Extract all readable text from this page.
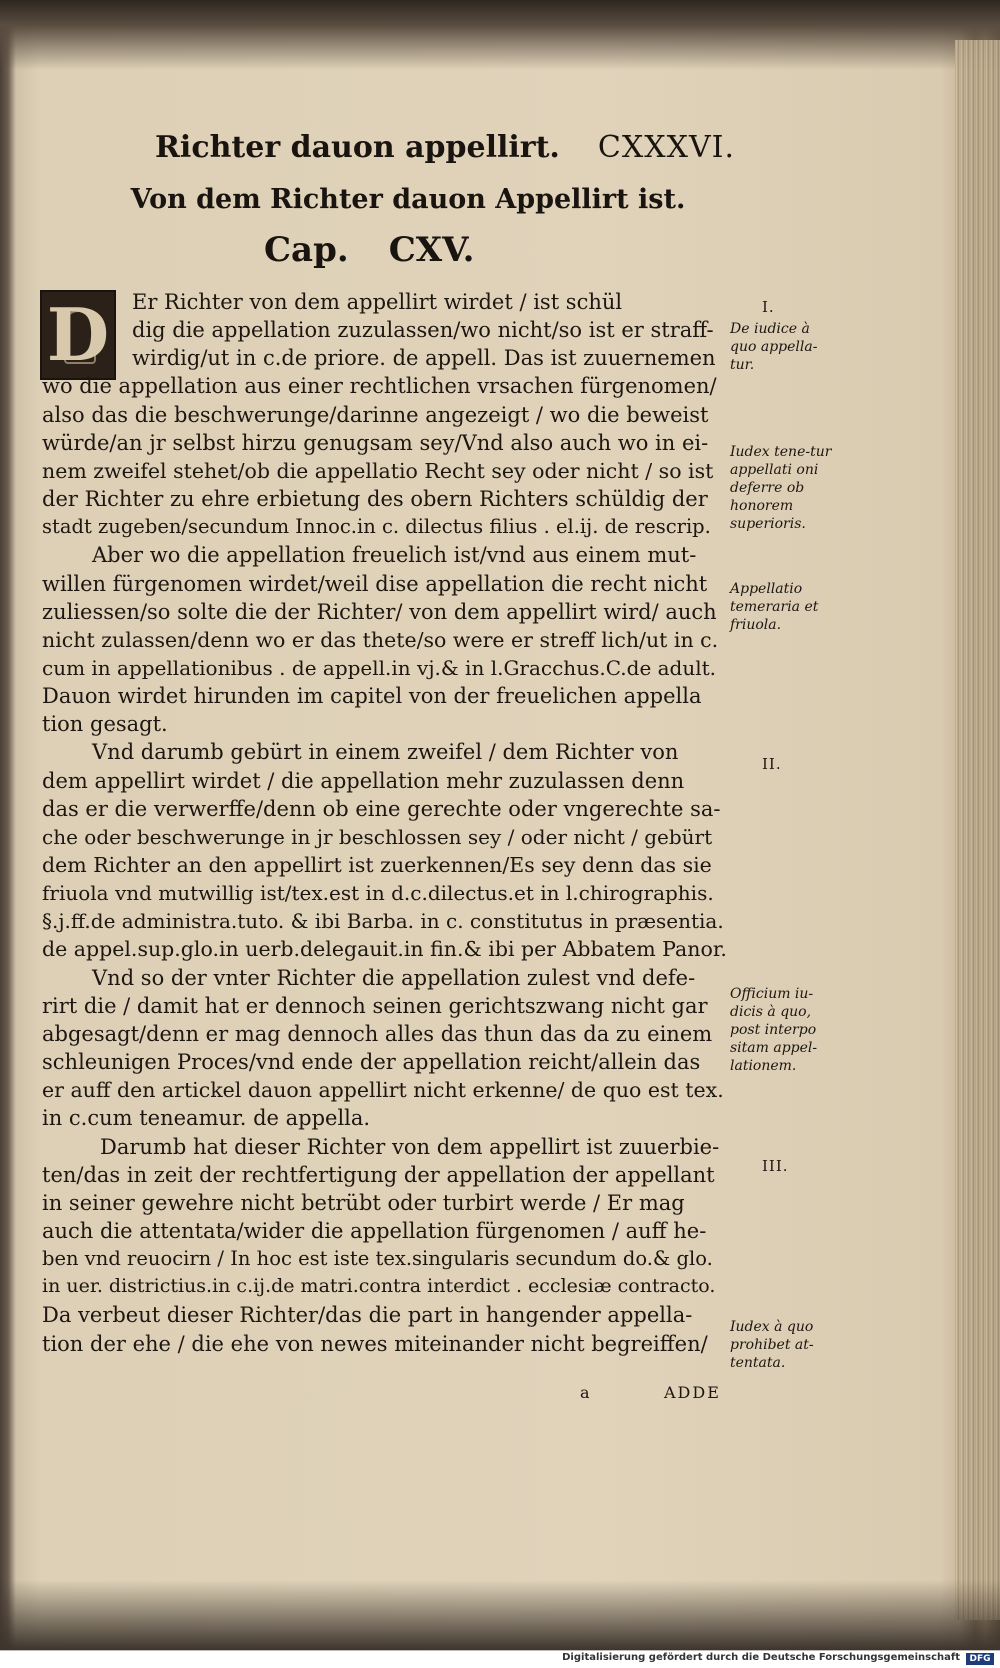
Richter dauon appellirt. CXXXVI.
Von dem Richter dauon Appellirt ist.
Cap. CXV.
D Er Richter von dem appellirt wirdet / ist schül
dig die appellation zuzulassen/wo nicht/so ist er straff-
wirdig/ut in c.de priore. de appell. Das ist zuuernemen
wo die appellation aus einer rechtlichen vrsachen fürgenomen/
also das die beschwerunge/darinne angezeigt / wo die beweist
würde/an jr selbst hirzu genugsam sey/Vnd also auch wo in ei-
nem zweifel stehet/ob die appellatio Recht sey oder nicht / so ist
der Richter zu ehre erbietung des obern Richters schüldig der
stadt zugeben/secundum Innoc.in c. dilectus filius . el.ij. de rescrip.
Aber wo die appellation freuelich ist/vnd aus einem mut-
willen fürgenomen wirdet/weil dise appellation die recht nicht
zuliessen/so solte die der Richter/ von dem appellirt wird/ auch
nicht zulassen/denn wo er das thete/so were er streff lich/ut in c.
cum in appellationibus . de appell.in vj.& in l.Gracchus.C.de adult.
Dauon wirdet hirunden im capitel von der freuelichen appella
tion gesagt.
Vnd darumb gebürt in einem zweifel / dem Richter von
dem appellirt wirdet / die appellation mehr zuzulassen denn
das er die verwerffe/denn ob eine gerechte oder vngerechte sa-
che oder beschwerunge in jr beschlossen sey / oder nicht / gebürt
dem Richter an den appellirt ist zuerkennen/Es sey denn das sie
friuola vnd mutwillig ist/tex.est in d.c.dilectus.et in l.chirographis.
§.j.ff.de administra.tuto. & ibi Barba. in c. constitutus in præsentia.
de appel.sup.glo.in uerb.delegauit.in fin.& ibi per Abbatem Panor.
Vnd so der vnter Richter die appellation zulest vnd defe-
rirt die / damit hat er dennoch seinen gerichtszwang nicht gar
abgesagt/denn er mag dennoch alles das thun das da zu einem
schleunigen Proces/vnd ende der appellation reicht/allein das
er auff den artickel dauon appellirt nicht erkenne/ de quo est tex.
in c.cum teneamur. de appella.
Darumb hat dieser Richter von dem appellirt ist zuuerbie-
ten/das in zeit der rechtfertigung der appellation der appellant
in seiner gewehre nicht betrübt oder turbirt werde / Er mag
auch die attentata/wider die appellation fürgenomen / auff he-
ben vnd reuocirn / In hoc est iste tex.singularis secundum do.& glo.
in uer. districtius.in c.ij.de matri.contra interdict . ecclesiæ contracto.
Da verbeut dieser Richter/das die part in hangender appella-
tion der ehe / die ehe von newes miteinander nicht begreiffen/
I.
De iudice à quo appella-tur.
Iudex tene-tur appellati oni deferre ob honorem superioris.
Appellatio temeraria et friuola.
II.
Officium iu-dicis à quo, post interpo sitam appel-lationem.
III.
Iudex à quo prohibet at-tentata.
a	ADDE
Digitalisierung gefördert durch die Deutsche Forschungsgemeinschaft	DFG
